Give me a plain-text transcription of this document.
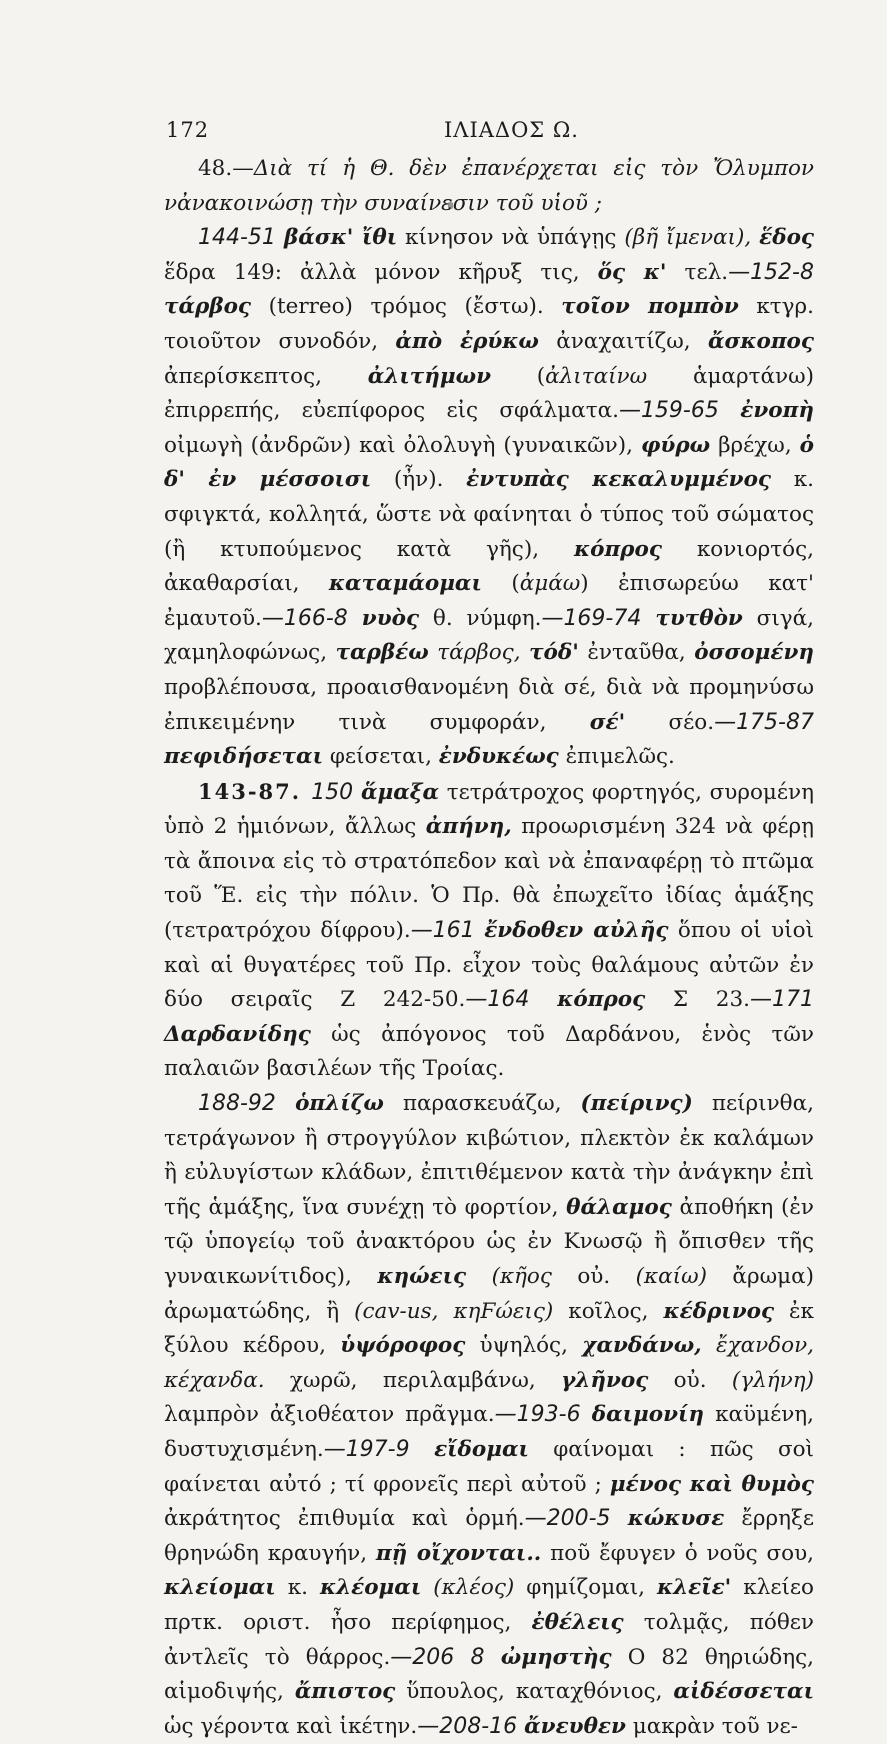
172	ΙΛΙΑΔΟΣ Ω.

48.—Διὰ τί ἡ Θ. δὲν ἐπανέρχεται εἰς τὸν Ὄλυμπον νἀνακοινώσῃ τὴν συναίνεσιν τοῦ υἱοῦ ;

144-51 βάσκ' ἴθι κίνησον νὰ ὑπάγῃς (βῆ ἴμεναι), ἕδος ἕδρα 149: ἀλλὰ μόνον κῆρυξ τις, ὅς κ' τελ.—152-8 τάρβος (terreo) τρόμος (ἔστω). τοῖον πομπὸν κτγρ. τοιοῦτον συνοδόν, ἀπὸ ἐρύκω ἀναχαιτίζω, ἄσκοπος ἀπερίσκεπτος, ἀλιτήμων (ἀλιταίνω ἁμαρτάνω) ἐπιρρεπής, εὐεπίφορος εἰς σφάλματα.—159-65 ἐνοπὴ οἰμωγὴ (ἀνδρῶν) καὶ ὀλολυγὴ (γυναικῶν), φύρω βρέχω, ὁ δ' ἐν μέσσοισι (ἦν). ἐντυπὰς κεκαλυμμένος κ. σφιγκτά, κολλητά, ὥστε νὰ φαίνηται ὁ τύπος τοῦ σώματος (ἢ κτυπούμενος κατὰ γῆς), κόπρος κονιορτός, ἀκαθαρσίαι, καταμάομαι (ἀμάω) ἐπισωρεύω κατ' ἐμαυτοῦ.—166-8 νυὸς θ. νύμφη.—169-74 τυτθὸν σιγά, χαμηλοφώνως, ταρβέω τάρβος, τόδ' ἐνταῦθα, ὀσσομένη προβλέπουσα, προαισθανομένη διὰ σέ, διὰ νὰ προμηνύσω ἐπικειμένην τινὰ συμφοράν, σέ' σέο.—175-87 πεφιδήσεται φείσεται, ἐνδυκέως ἐπιμελῶς.

143-87. 150 ἅμαξα τετράτροχος φορτηγός, συρομένη ὑπὸ 2 ἡμιόνων, ἄλλως ἀπήνη, προωρισμένη 324 νὰ φέρῃ τὰ ἄποινα εἰς τὸ στρατόπεδον καὶ νὰ ἐπαναφέρῃ τὸ πτῶμα τοῦ Ἕ. εἰς τὴν πόλιν. Ὁ Πρ. θὰ ἐπωχεῖτο ἰδίας ἁμάξης (τετρατρόχου δίφρου).—161 ἔνδοθεν αὐλῆς ὅπου οἱ υἱοὶ καὶ αἱ θυγατέρες τοῦ Πρ. εἶχον τοὺς θαλάμους αὐτῶν ἐν δύο σειραῖς Ζ 242-50.—164 κόπρος Σ 23.—171 Δαρδανίδης ὡς ἀπόγονος τοῦ Δαρδάνου, ἑνὸς τῶν παλαιῶν βασιλέων τῆς Τροίας.

188-92 ὁπλίζω παρασκευάζω, (πείρινς) πείρινθα, τετράγωνον ἢ στρογγύλον κιβώτιον, πλεκτὸν ἐκ καλάμων ἢ εὐλυγίστων κλάδων, ἐπιτιθέμενον κατὰ τὴν ἀνάγκην ἐπὶ τῆς ἁμάξης, ἵνα συνέχῃ τὸ φορτίον, θάλαμος ἀποθήκη (ἐν τῷ ὑπογείῳ τοῦ ἀνακτόρου ὡς ἐν Κνωσῷ ἢ ὄπισθεν τῆς γυναικωνίτιδος), κηώεις (κῆος οὐ. (καίω) ἄρωμα) ἀρωματώδης, ἢ (cav-us, κηϜώεις) κοῖλος, κέδρινος ἐκ ξύλου κέδρου, ὑψόροφος ὑψηλός, χανδάνω, ἔχανδον, κέχανδα. χωρῶ, περιλαμβάνω, γλῆνος οὐ. (γλήνη) λαμπρὸν ἀξιοθέατον πρᾶγμα.—193-6 δαιμονίη καϋμένη, δυστυχισμένη.—197-9 εἴδομαι φαίνομαι : πῶς σοὶ φαίνεται αὐτό ; τί φρονεῖς περὶ αὐτοῦ ; μένος καὶ θυμὸς ἀκράτητος ἐπιθυμία καὶ ὁρμή.—200-5 κώκυσε ἔρρηξε θρηνώδη κραυγήν, πῇ οἴχονται.. ποῦ ἔφυγεν ὁ νοῦς σου, κλείομαι κ. κλέομαι (κλέος) φημίζομαι, κλεῖε' κλείεο πρτκ. οριστ. ἦσο περίφημος, ἐθέλεις τολμᾷς, πόθεν ἀντλεῖς τὸ θάρρος.—206 8 ὠμηστὴς Ο 82 θηριώδης, αἱμοδιψής, ἄπιστος ὕπουλος, καταχθόνιος, αἰδέσσεται ὡς γέροντα καὶ ἱκέτην.—208-16 ἄνευθεν μακρὰν τοῦ νε-
